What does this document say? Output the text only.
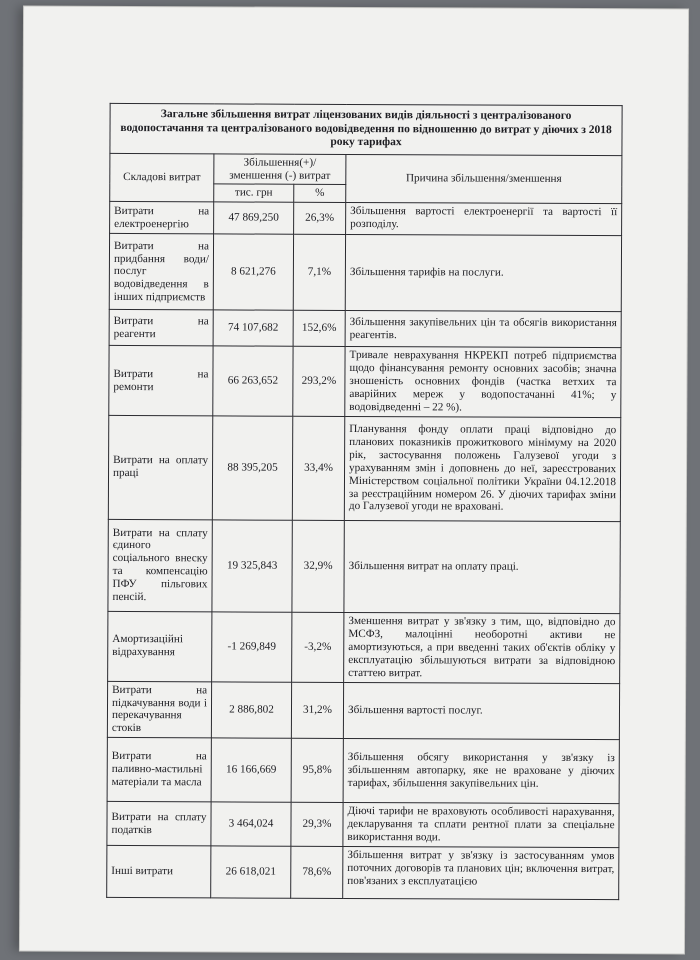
Загальне збільшення витрат ліцензованих видів діяльності з централізованого водопостачання та централізованого водовідведення по відношенню до витрат у діючих з 2018 року тарифах			
Складові витрат	Збільшення(+)/зменшення (-) витрат		Причина збільшення/зменшення
	тис. грн	%	
Витрати на електроенергію	47 869,250	26,3%	Збільшення вартості електроенергії та вартості її розподілу.
Витрати на придбання води/послуг водовідведення в інших підприємств	8 621,276	7,1%	Збільшення тарифів на послуги.
Витрати на реагенти	74 107,682	152,6%	Збільшення закупівельних цін та обсягів використання реагентів.
Витрати на ремонти	66 263,652	293,2%	Тривале неврахування НКРЕКП потреб підприємства щодо фінансування ремонту основних засобів; значна зношеність основних фондів (частка ветхих та аварійних мереж у водопостачанні 41%; у водовідведенні – 22 %).
Витрати на оплату праці	88 395,205	33,4%	Планування фонду оплати праці відповідно до планових показників прожиткового мінімуму на 2020 рік, застосування положень Галузевої угоди з урахуванням змін і доповнень до неї, зареєстрованих Міністерством соціальної політики України 04.12.2018 за реєстраційним номером 26. У діючих тарифах зміни до Галузевої угоди не враховані.
Витрати на сплату єдиного соціального внеску та компенсацію ПФУ пільгових пенсій.	19 325,843	32,9%	Збільшення витрат на оплату праці.
Амортизаційні відрахування	-1 269,849	-3,2%	Зменшення витрат у зв'язку з тим, що, відповідно до МСФЗ, малоцінні необоротні активи не амортизуються, а при введенні таких об'єктів обліку у експлуатацію збільшуються витрати за відповідною статтею витрат.
Витрати на підкачування води і перекачування стоків	2 886,802	31,2%	Збільшення вартості послуг.
Витрати на паливно-мастильні матеріали та масла	16 166,669	95,8%	Збільшення обсягу використання у зв'язку із збільшенням автопарку, яке не враховане у діючих тарифах, збільшення закупівельних цін.
Витрати на сплату податків	3 464,024	29,3%	Діючі тарифи не враховують особливості нарахування, декларування та сплати рентної плати за спеціальне використання води.
Інші витрати	26 618,021	78,6%	Збільшення витрат у зв'язку із застосуванням умов поточних договорів та планових цін; включення витрат, пов'язаних з експлуатацією
